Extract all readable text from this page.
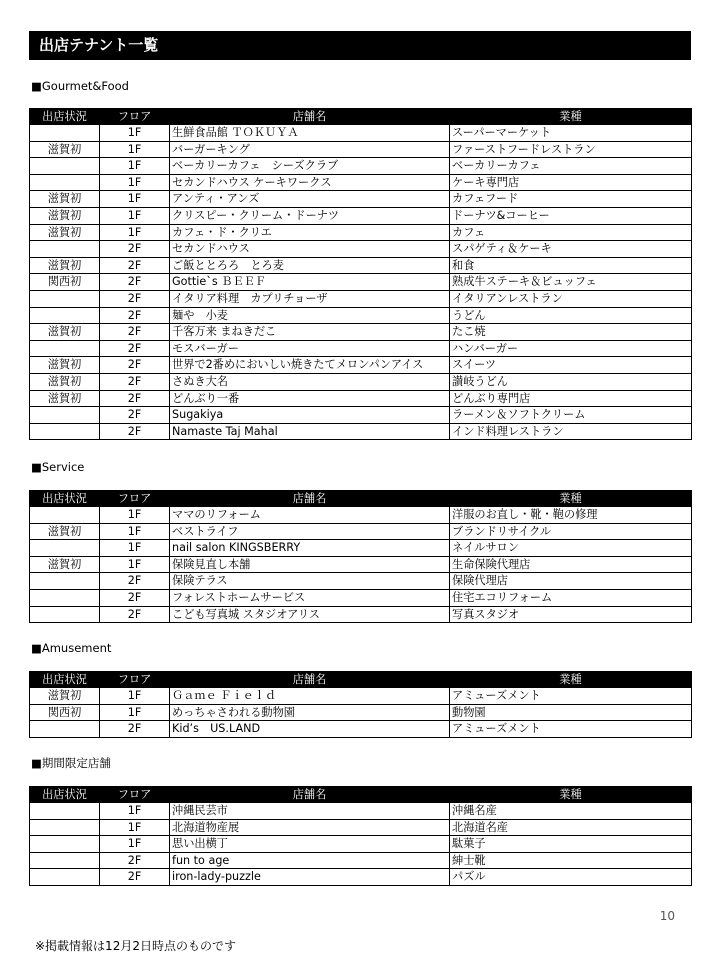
出店テナント一覧
■Gourmet&Food
出店状況	フロア	店舗名	業種
	1F	生鮮食品館 ＴＯＫＵＹＡ	スーパーマーケット
滋賀初	1F	バーガーキング	ファーストフードレストラン
	1F	ベーカリーカフェ　シーズクラブ	ベーカリーカフェ
	1F	セカンドハウス ケーキワークス	ケーキ専門店
滋賀初	1F	アンティ・アンズ	カフェフード
滋賀初	1F	クリスピー・クリーム・ドーナツ	ドーナツ&コーヒー
滋賀初	1F	カフェ・ド・クリエ	カフェ
	2F	セカンドハウス	スパゲティ＆ケーキ
滋賀初	2F	ご飯ととろろ　とろ麦	和食
関西初	2F	Gottie`s ＢＥＥＦ	熟成牛ステーキ＆ビュッフェ
	2F	イタリア料理　カプリチョーザ	イタリアンレストラン
	2F	麺や　小麦	うどん
滋賀初	2F	千客万来 まねきだこ	たこ焼
	2F	モスバーガー	ハンバーガー
滋賀初	2F	世界で2番めにおいしい焼きたてメロンパンアイス	スイーツ
滋賀初	2F	さぬき大名	讃岐うどん
滋賀初	2F	どんぶり一番	どんぶり専門店
	2F	Sugakiya	ラーメン＆ソフトクリーム
	2F	Namaste Taj Mahal	インド料理レストラン
■Service
出店状況	フロア	店舗名	業種
	1F	ママのリフォーム	洋服のお直し・靴・鞄の修理
滋賀初	1F	ベストライフ	ブランドリサイクル
	1F	nail salon KINGSBERRY	ネイルサロン
滋賀初	1F	保険見直し本舗	生命保険代理店
	2F	保険テラス	保険代理店
	2F	フォレストホームサービス	住宅エコリフォーム
	2F	こども写真城 スタジオアリス	写真スタジオ
■Amusement
出店状況	フロア	店舗名	業種
滋賀初	1F	Ｇａｍｅ Ｆｉｅｌｄ	アミューズメント
関西初	1F	めっちゃさわれる動物園	動物園
	2F	Kid’s　US.LAND	アミューズメント
■期間限定店舗
出店状況	フロア	店舗名	業種
	1F	沖縄民芸市	沖縄名産
	1F	北海道物産展	北海道名産
	1F	思い出横丁	駄菓子
	2F	fun to age	紳士靴
	2F	iron-lady-puzzle	パズル
10
※掲載情報は12月2日時点のものです
